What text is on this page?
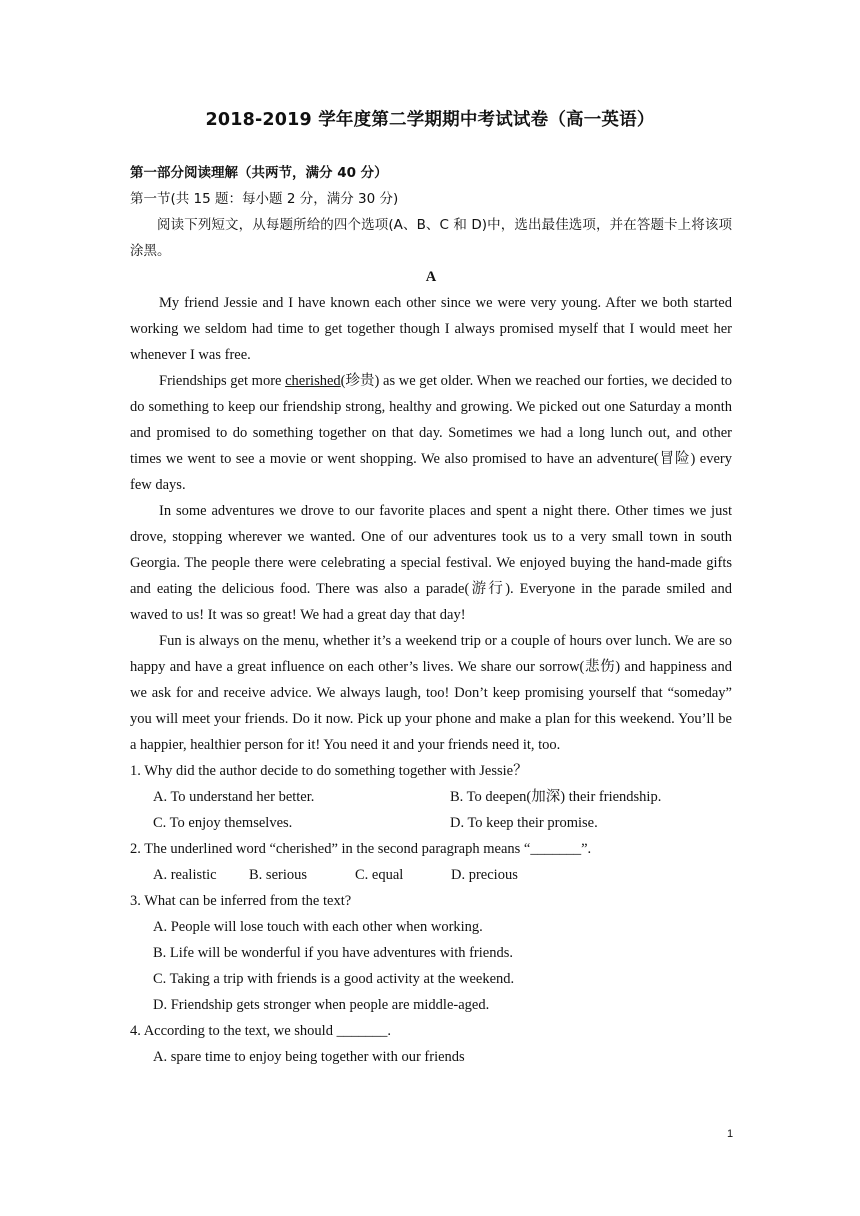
2018-2019 学年度第二学期期中考试试卷（高一英语）

第一部分阅读理解（共两节，满分 40 分）

第一节(共 15 题：每小题 2 分，满分 30 分)

阅读下列短文，从每题所给的四个选项(A、B、C 和 D)中，选出最佳选项，并在答题卡上将该项涂黑。

A

My friend Jessie and I have known each other since we were very young. After we both started working we seldom had time to get together though I always promised myself that I would meet her whenever I was free.

Friendships get more cherished(珍贵) as we get older. When we reached our forties, we decided to do something to keep our friendship strong, healthy and growing. We picked out one Saturday a month and promised to do something together on that day. Sometimes we had a long lunch out, and other times we went to see a movie or went shopping. We also promised to have an adventure(冒险) every few days.

In some adventures we drove to our favorite places and spent a night there. Other times we just drove, stopping wherever we wanted. One of our adventures took us to a very small town in south Georgia. The people there were celebrating a special festival. We enjoyed buying the hand-made gifts and eating the delicious food. There was also a parade(游行). Everyone in the parade smiled and waved to us! It was so great! We had a great day that day!

Fun is always on the menu, whether it’s a weekend trip or a couple of hours over lunch. We are so happy and have a great influence on each other’s lives. We share our sorrow(悲伤) and happiness and we ask for and receive advice. We always laugh, too! Don’t keep promising yourself that “someday” you will meet your friends. Do it now. Pick up your phone and make a plan for this weekend. You’ll be a happier, healthier person for it! You need it and your friends need it, too.

1. Why did the author decide to do something together with Jessie？

A. To understand her better.	B. To deepen(加深) their friendship.
C. To enjoy themselves.	D. To keep their promise.

2. The underlined word “cherished” in the second paragraph means “_______”.

A. realistic B. serious	C. equal	D. precious

3. What can be inferred from the text?

A. People will lose touch with each other when working.
B. Life will be wonderful if you have adventures with friends.
C. Taking a trip with friends is a good activity at the weekend.
D. Friendship gets stronger when people are middle-aged.

4. According to the text, we should _______.

A. spare time to enjoy being together with our friends
1
